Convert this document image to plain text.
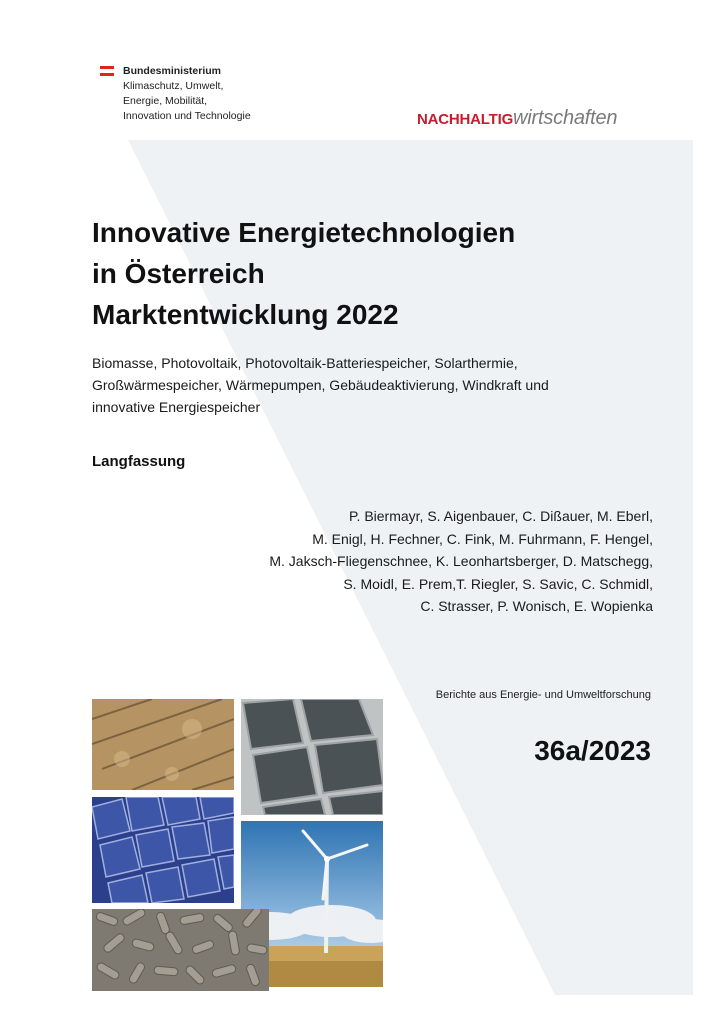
Bundesministerium
Klimaschutz, Umwelt,
Energie, Mobilität,
Innovation und Technologie	NACHHALTIGwirtschaften
Innovative Energietechnologien
in Österreich
Marktentwicklung 2022
Biomasse, Photovoltaik, Photovoltaik-Batteriespeicher, Solarthermie,
Großwärmespeicher, Wärmepumpen, Gebäudeaktivierung, Windkraft und
innovative Energiespeicher
Langfassung
P. Biermayr, S. Aigenbauer, C. Dißauer, M. Eberl,
M. Enigl, H. Fechner, C. Fink, M. Fuhrmann, F. Hengel,
M. Jaksch-Fliegenschnee, K. Leonhartsberger, D. Matschegg,
S. Moidl, E. Prem,T. Riegler, S. Savic, C. Schmidl,
C. Strasser, P. Wonisch, E. Wopienka
Berichte aus Energie- und Umweltforschung
36a/2023
